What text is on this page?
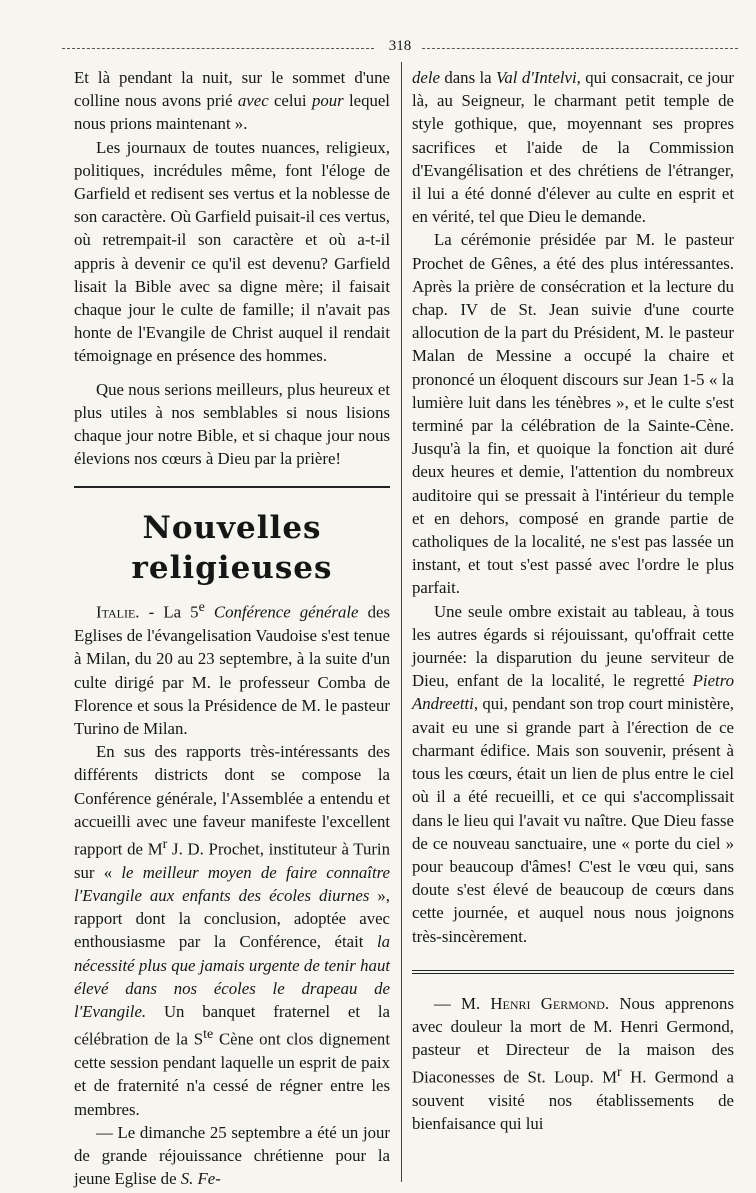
318

Et là pendant la nuit, sur le sommet d'une colline nous avons prié avec celui pour lequel nous prions maintenant ».

Les journaux de toutes nuances, religieux, politiques, incrédules même, font l'éloge de Garfield et redisent ses vertus et la noblesse de son caractère. Où Garfield puisait-il ces vertus, où retrempait-il son caractère et où a-t-il appris à devenir ce qu'il est devenu? Garfield lisait la Bible avec sa digne mère; il faisait chaque jour le culte de famille; il n'avait pas honte de l'Evangile de Christ auquel il rendait témoignage en présence des hommes.

Que nous serions meilleurs, plus heureux et plus utiles à nos semblables si nous lisions chaque jour notre Bible, et si chaque jour nous élevions nos cœurs à Dieu par la prière!

Nouvelles religieuses

Italie. - La 5e Conférence générale des Eglises de l'évangelisation Vaudoise s'est tenue à Milan, du 20 au 23 septembre, à la suite d'un culte dirigé par M. le professeur Comba de Florence et sous la Présidence de M. le pasteur Turino de Milan.

En sus des rapports très-intéressants des différents districts dont se compose la Conférence générale, l'Assemblée a entendu et accueilli avec une faveur manifeste l'excellent rapport de $M^r$ J. D. Prochet, instituteur à Turin sur « le meilleur moyen de faire connaître l'Evangile aux enfants des écoles diurnes », rapport dont la conclusion, adoptée avec enthousiasme par la Conférence, était la nécessité plus que jamais urgente de tenir haut élevé dans nos écoles le drapeau de l'Evangile. Un banquet fraternel et la célébration de la $S^{te}$ Cène ont clos dignement cette session pendant laquelle un esprit de paix et de fraternité n'a cessé de régner entre les membres.

— Le dimanche 25 septembre a été un jour de grande réjouissance chrétienne pour la jeune Eglise de S. Fe-

dele dans la Val d'Intelvi, qui consacrait, ce jour là, au Seigneur, le charmant petit temple de style gothique, que, moyennant ses propres sacrifices et l'aide de la Commission d'Evangélisation et des chrétiens de l'étranger, il lui a été donné d'élever au culte en esprit et en vérité, tel que Dieu le demande.

La cérémonie présidée par M. le pasteur Prochet de Gênes, a été des plus intéressantes. Après la prière de consécration et la lecture du chap. IV de St. Jean suivie d'une courte allocution de la part du Président, M. le pasteur Malan de Messine a occupé la chaire et prononcé un éloquent discours sur Jean 1-5 « la lumière luit dans les ténèbres », et le culte s'est terminé par la célébration de la Sainte-Cène. Jusqu'à la fin, et quoique la fonction ait duré deux heures et demie, l'attention du nombreux auditoire qui se pressait à l'intérieur du temple et en dehors, composé en grande partie de catholiques de la localité, ne s'est pas lassée un instant, et tout s'est passé avec l'ordre le plus parfait.

Une seule ombre existait au tableau, à tous les autres égards si réjouissant, qu'offrait cette journée: la disparution du jeune serviteur de Dieu, enfant de la localité, le regretté Pietro Andreetti, qui, pendant son trop court ministère, avait eu une si grande part à l'érection de ce charmant édifice. Mais son souvenir, présent à tous les cœurs, était un lien de plus entre le ciel où il a été recueilli, et ce qui s'accomplissait dans le lieu qui l'avait vu naître. Que Dieu fasse de ce nouveau sanctuaire, une « porte du ciel » pour beaucoup d'âmes! C'est le vœu qui, sans doute s'est élevé de beaucoup de cœurs dans cette journée, et auquel nous nous joignons très-sincèrement.

— M. Henri Germond. Nous apprenons avec douleur la mort de M. Henri Germond, pasteur et Directeur de la maison des Diaconesses de St. Loup. $M^r$ H. Germond a souvent visité nos établissements de bienfaisance qui lui
